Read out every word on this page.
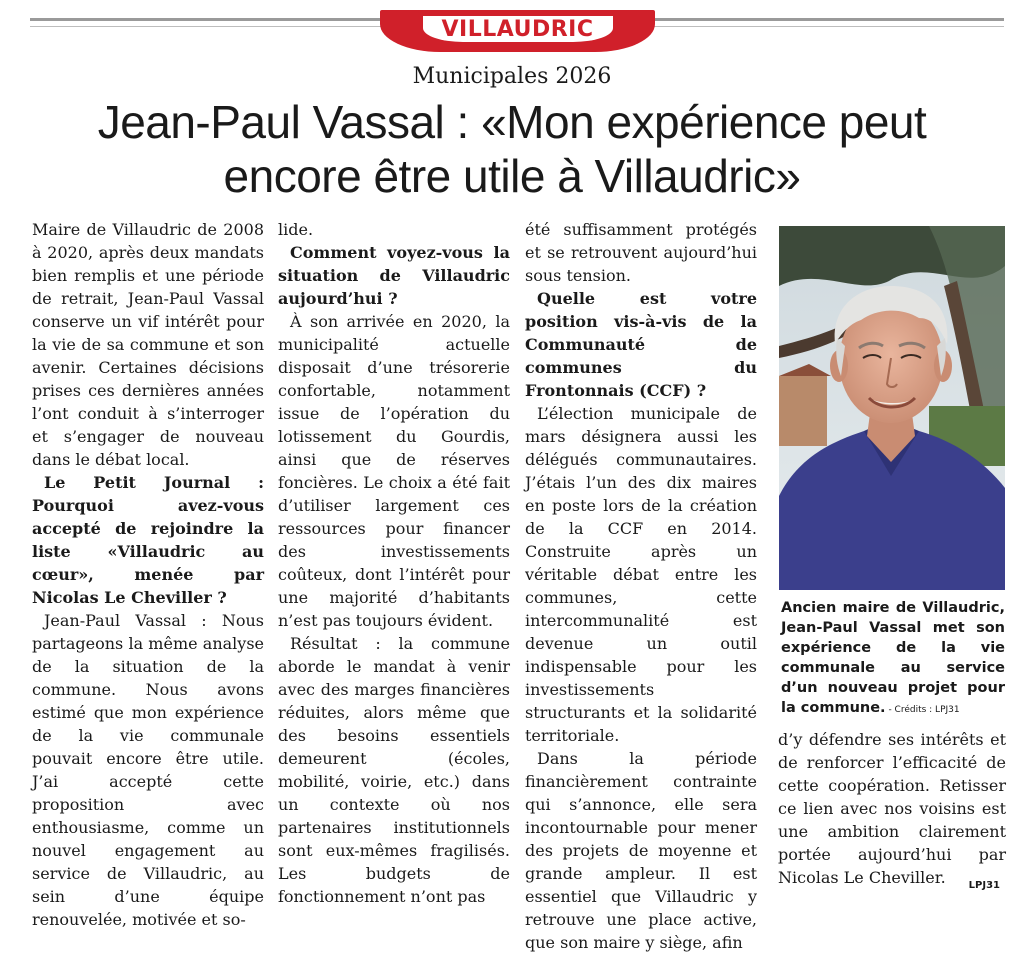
VILLAUDRIC
Municipales 2026
Jean-Paul Vassal : «Mon expérience peut
encore être utile à Villaudric»

Maire de Villaudric de 2008 à 2020, après deux mandats bien remplis et une période de retrait, Jean-Paul Vassal conserve un vif intérêt pour la vie de sa commune et son avenir. Certaines décisions prises ces dernières années l’ont conduit à s’interroger et s’engager de nouveau dans le débat local.

Le Petit Journal : Pourquoi avez-vous accepté de rejoindre la liste «Villaudric au cœur», menée par Nicolas Le Cheviller ?

Jean-Paul Vassal : Nous partageons la même analyse de la situation de la commune. Nous avons estimé que mon expérience de la vie communale pouvait encore être utile. J’ai accepté cette proposition avec enthousiasme, comme un nouvel engagement au service de Villaudric, au sein d’une équipe renouvelée, motivée et so-

lide.

Comment voyez-vous la situation de Villaudric aujourd’hui ?

À son arrivée en 2020, la municipalité actuelle disposait d’une trésorerie confortable, notamment issue de l’opération du lotissement du Gourdis, ainsi que de réserves foncières. Le choix a été fait d’utiliser largement ces ressources pour financer des investissements coûteux, dont l’intérêt pour une majorité d’habitants n’est pas toujours évident.

Résultat : la commune aborde le mandat à venir avec des marges financières réduites, alors même que des besoins essentiels demeurent (écoles, mobilité, voirie, etc.) dans un contexte où nos partenaires institutionnels sont eux-mêmes fragilisés. Les budgets de fonctionnement n’ont pas

été suffisamment protégés et se retrouvent aujourd’hui sous tension.

Quelle est votre position vis-à-vis de la Communauté de communes du Frontonnais (CCF) ?

L’élection municipale de mars désignera aussi les délégués communautaires. J’étais l’un des dix maires en poste lors de la création de la CCF en 2014. Construite après un véritable débat entre les communes, cette intercommunalité est devenue un outil indispensable pour les investissements structurants et la solidarité territoriale.

Dans la période financièrement contrainte qui s’annonce, elle sera incontournable pour mener des projets de moyenne et grande ampleur. Il est essentiel que Villaudric y retrouve une place active, que son maire y siège, afin

Ancien maire de Villaudric, Jean-Paul Vassal met son expérience de la vie communale au service d’un nouveau projet pour la commune. - Crédits : LPJ31

d’y défendre ses intérêts et de renforcer l’efficacité de cette coopération. Retisser ce lien avec nos voisins est une ambition clairement portée aujourd’hui par Nicolas Le Cheviller.	LPJ31
